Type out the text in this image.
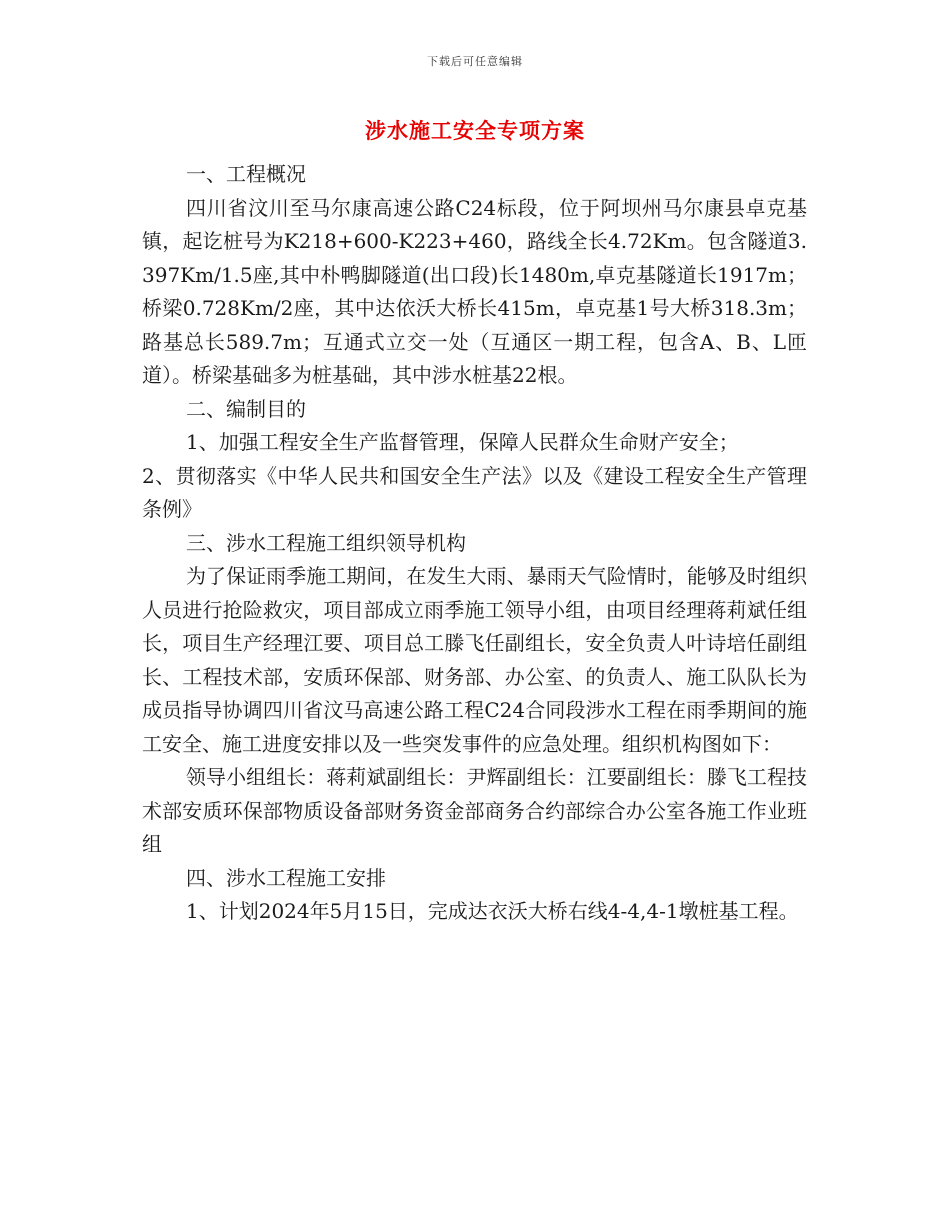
下载后可任意编辑
涉水施工安全专项方案

一、工程概况

四川省汶川至马尔康高速公路C24标段，位于阿坝州马尔康县卓克基镇，起讫桩号为K218+600-K223+460，路线全长4.72Km。包含隧道3.397Km/1.5座,其中朴鸭脚隧道(出口段)长1480m,卓克基隧道长1917m；桥梁0.728Km/2座，其中达依沃大桥长415m，卓克基1号大桥318.3m；路基总长589.7m；互通式立交一处（互通区一期工程，包含A、B、L匝道）。桥梁基础多为桩基础，其中涉水桩基22根。

二、编制目的

1、加强工程安全生产监督管理，保障人民群众生命财产安全；

2、贯彻落实《中华人民共和国安全生产法》以及《建设工程安全生产管理条例》

三、涉水工程施工组织领导机构

为了保证雨季施工期间，在发生大雨、暴雨天气险情时，能够及时组织人员进行抢险救灾，项目部成立雨季施工领导小组，由项目经理蒋莉斌任组长，项目生产经理江要、项目总工滕飞任副组长，安全负责人叶诗培任副组长、工程技术部，安质环保部、财务部、办公室、的负责人、施工队队长为成员指导协调四川省汶马高速公路工程C24合同段涉水工程在雨季期间的施工安全、施工进度安排以及一些突发事件的应急处理。组织机构图如下：

领导小组组长：蒋莉斌副组长：尹辉副组长：江要副组长：滕飞工程技术部安质环保部物质设备部财务资金部商务合约部综合办公室各施工作业班组

四、涉水工程施工安排

1、计划2024年5月15日，完成达衣沃大桥右线4-4,4-1墩桩基工程。
